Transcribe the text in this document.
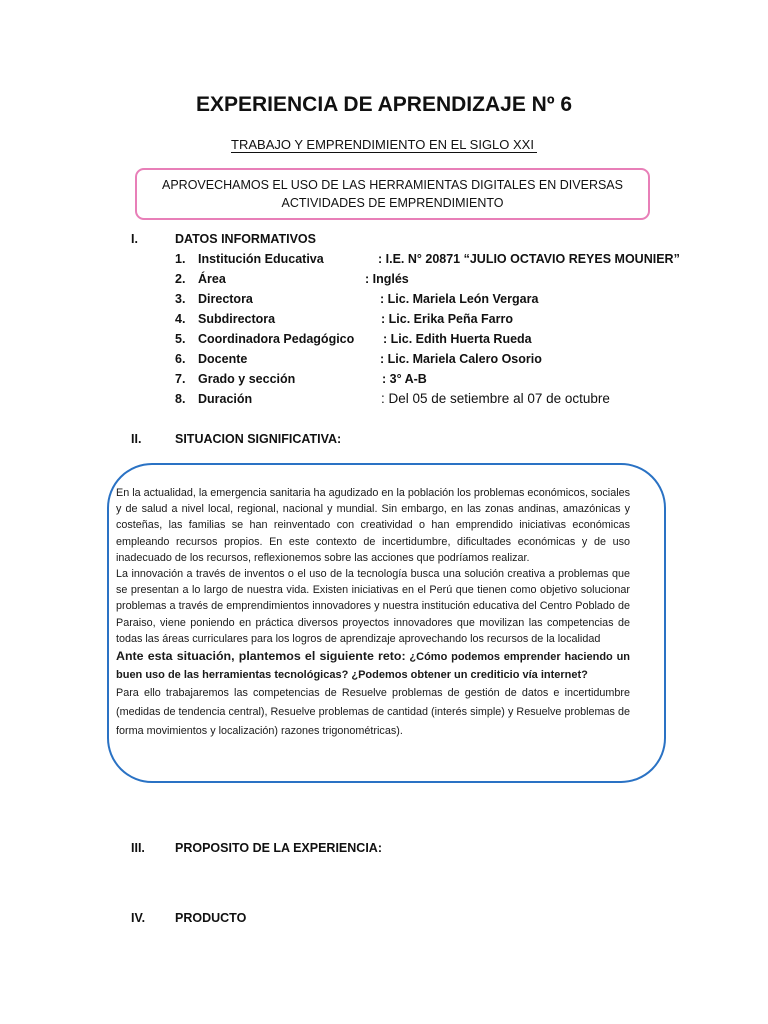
EXPERIENCIA DE APRENDIZAJE Nº 6
TRABAJO Y EMPRENDIMIENTO EN EL SIGLO XXI
APROVECHAMOS EL USO DE LAS HERRAMIENTAS DIGITALES EN DIVERSAS ACTIVIDADES DE EMPRENDIMIENTO
I.	DATOS INFORMATIVOS
1. Institución Educativa	: I.E. N° 20871 “JULIO OCTAVIO REYES MOUNIER”
2. Área	: Inglés
3. Directora	: Lic. Mariela León Vergara
4. Subdirectora	: Lic. Erika Peña Farro
5. Coordinadora Pedagógico : Lic. Edith Huerta Rueda
6. Docente	: Lic. Mariela Calero Osorio
7. Grado y sección	: 3° A-B
8. Duración	: Del 05 de setiembre al 07 de octubre
II.	SITUACION SIGNIFICATIVA:

En la actualidad, la emergencia sanitaria ha agudizado en la población los problemas económicos, sociales y de salud a nivel local, regional, nacional y mundial. Sin embargo, en las zonas andinas, amazónicas y costeñas, las familias se han reinventado con creatividad o han emprendido iniciativas económicas empleando recursos propios. En este contexto de incertidumbre, dificultades económicas y de uso inadecuado de los recursos, reflexionemos sobre las acciones que podríamos realizar.

La innovación a través de inventos o el uso de la tecnología busca una solución creativa a problemas que se presentan a lo largo de nuestra vida. Existen iniciativas en el Perú que tienen como objetivo solucionar problemas a través de emprendimientos innovadores y nuestra institución educativa del Centro Poblado de Paraiso, viene poniendo en práctica diversos proyectos innovadores que movilizan las competencias de todas las áreas curriculares para los logros de aprendizaje aprovechando los recursos de la localidad

Ante esta situación, plantemos el siguiente reto: ¿Cómo podemos emprender haciendo un buen uso de las herramientas tecnológicas? ¿Podemos obtener un crediticio vía internet?

Para ello trabajaremos las competencias de Resuelve problemas de gestión de datos e incertidumbre (medidas de tendencia central), Resuelve problemas de cantidad (interés simple) y Resuelve problemas de forma movimientos y localización) razones trigonométricas).

III. PROPOSITO DE LA EXPERIENCIA:
IV. PRODUCTO
